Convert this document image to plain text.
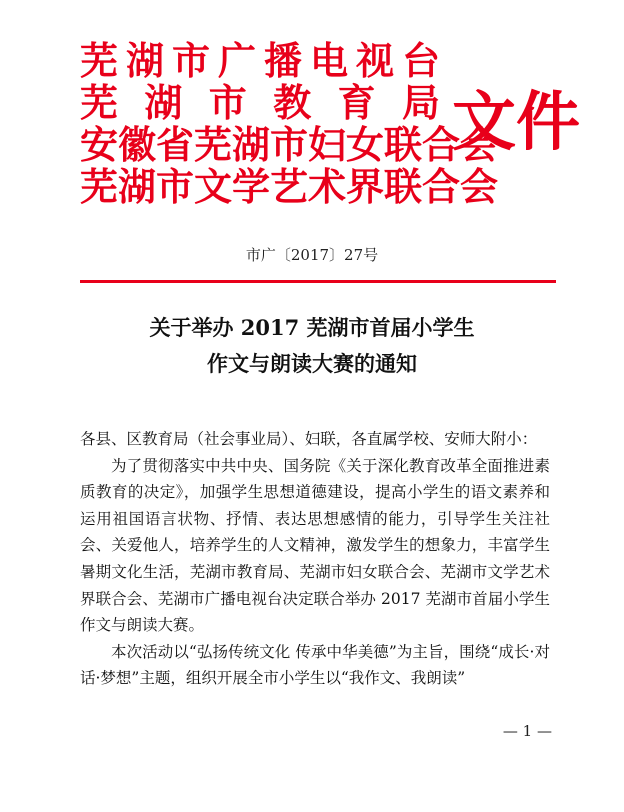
芜湖市广播电视台
芜湖市教育局
安徽省芜湖市妇女联合会
芜湖市文学艺术界联合会
文件
市广〔2017〕27号
关于举办 2017 芜湖市首届小学生
作文与朗读大赛的通知

各县、区教育局（社会事业局）、妇联，各直属学校、安师大附小：

为了贯彻落实中共中央、国务院《关于深化教育改革全面推进素质教育的决定》，加强学生思想道德建设，提高小学生的语文素养和运用祖国语言状物、抒情、表达思想感情的能力，引导学生关注社会、关爱他人，培养学生的人文精神，激发学生的想象力，丰富学生暑期文化生活，芜湖市教育局、芜湖市妇女联合会、芜湖市文学艺术界联合会、芜湖市广播电视台决定联合举办 2017 芜湖市首届小学生作文与朗读大赛。

本次活动以“弘扬传统文化 传承中华美德”为主旨，围绕“成长·对话·梦想”主题，组织开展全市小学生以“我作文、我朗读”

— 1 —
